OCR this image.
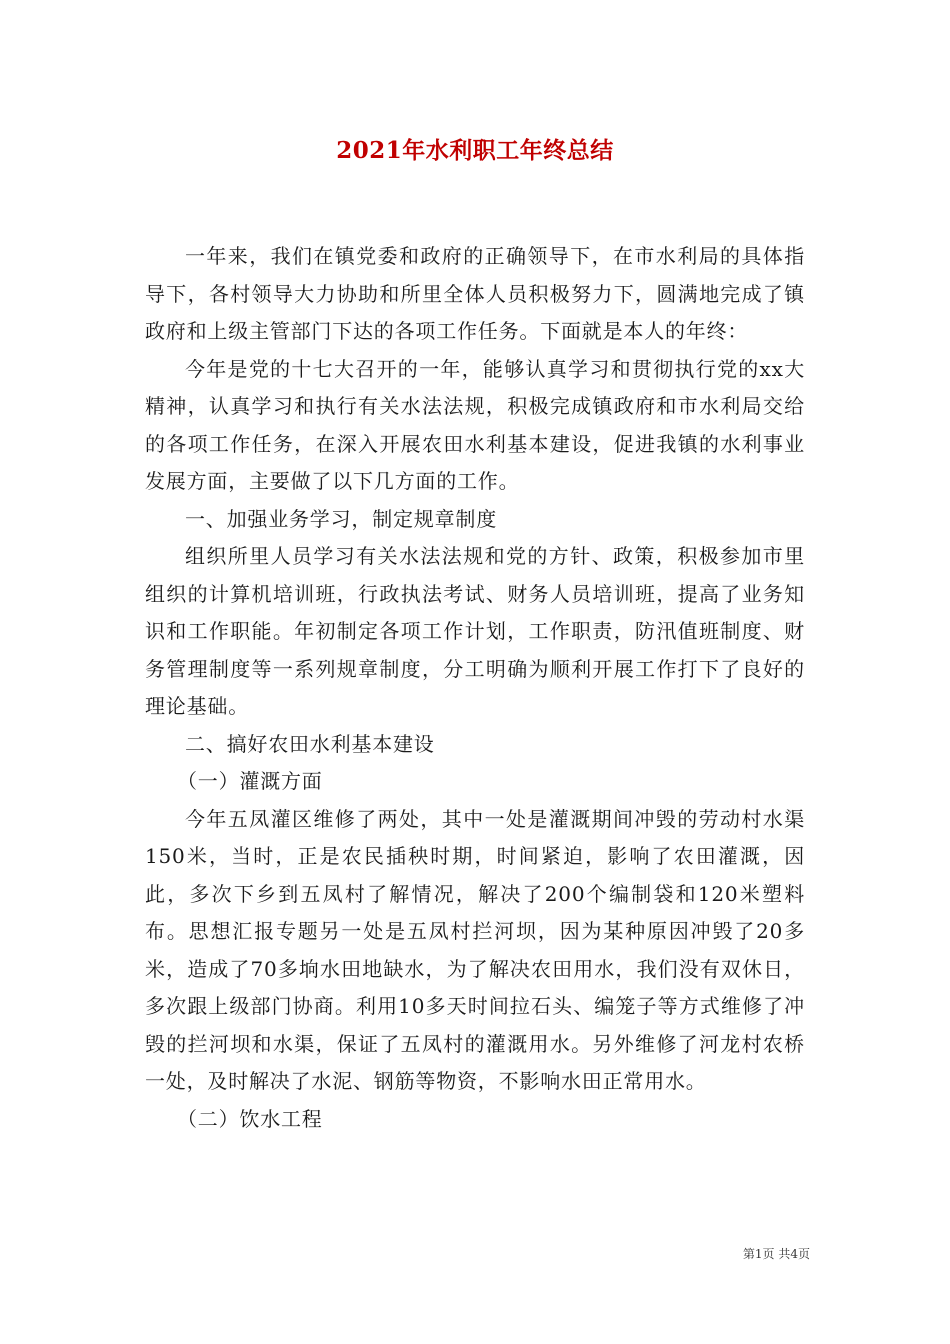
2021年水利职工年终总结

一年来，我们在镇党委和政府的正确领导下，在市水利局的具体指导下，各村领导大力协助和所里全体人员积极努力下，圆满地完成了镇政府和上级主管部门下达的各项工作任务。下面就是本人的年终：

今年是党的十七大召开的一年，能够认真学习和贯彻执行党的xx大精神，认真学习和执行有关水法法规，积极完成镇政府和市水利局交给的各项工作任务，在深入开展农田水利基本建设，促进我镇的水利事业发展方面，主要做了以下几方面的工作。

一、加强业务学习，制定规章制度

组织所里人员学习有关水法法规和党的方针、政策，积极参加市里组织的计算机培训班，行政执法考试、财务人员培训班，提高了业务知识和工作职能。年初制定各项工作计划，工作职责，防汛值班制度、财务管理制度等一系列规章制度，分工明确为顺利开展工作打下了良好的理论基础。

二、搞好农田水利基本建设

（一）灌溉方面

今年五凤灌区维修了两处，其中一处是灌溉期间冲毁的劳动村水渠150米，当时，正是农民插秧时期，时间紧迫，影响了农田灌溉，因此，多次下乡到五凤村了解情况，解决了200个编制袋和120米塑料布。思想汇报专题另一处是五凤村拦河坝，因为某种原因冲毁了20多米，造成了70多垧水田地缺水，为了解决农田用水，我们没有双休日，多次跟上级部门协商。利用10多天时间拉石头、编笼子等方式维修了冲毁的拦河坝和水渠，保证了五凤村的灌溉用水。另外维修了河龙村农桥一处，及时解决了水泥、钢筋等物资，不影响水田正常用水。

（二）饮水工程

第1页 共4页
